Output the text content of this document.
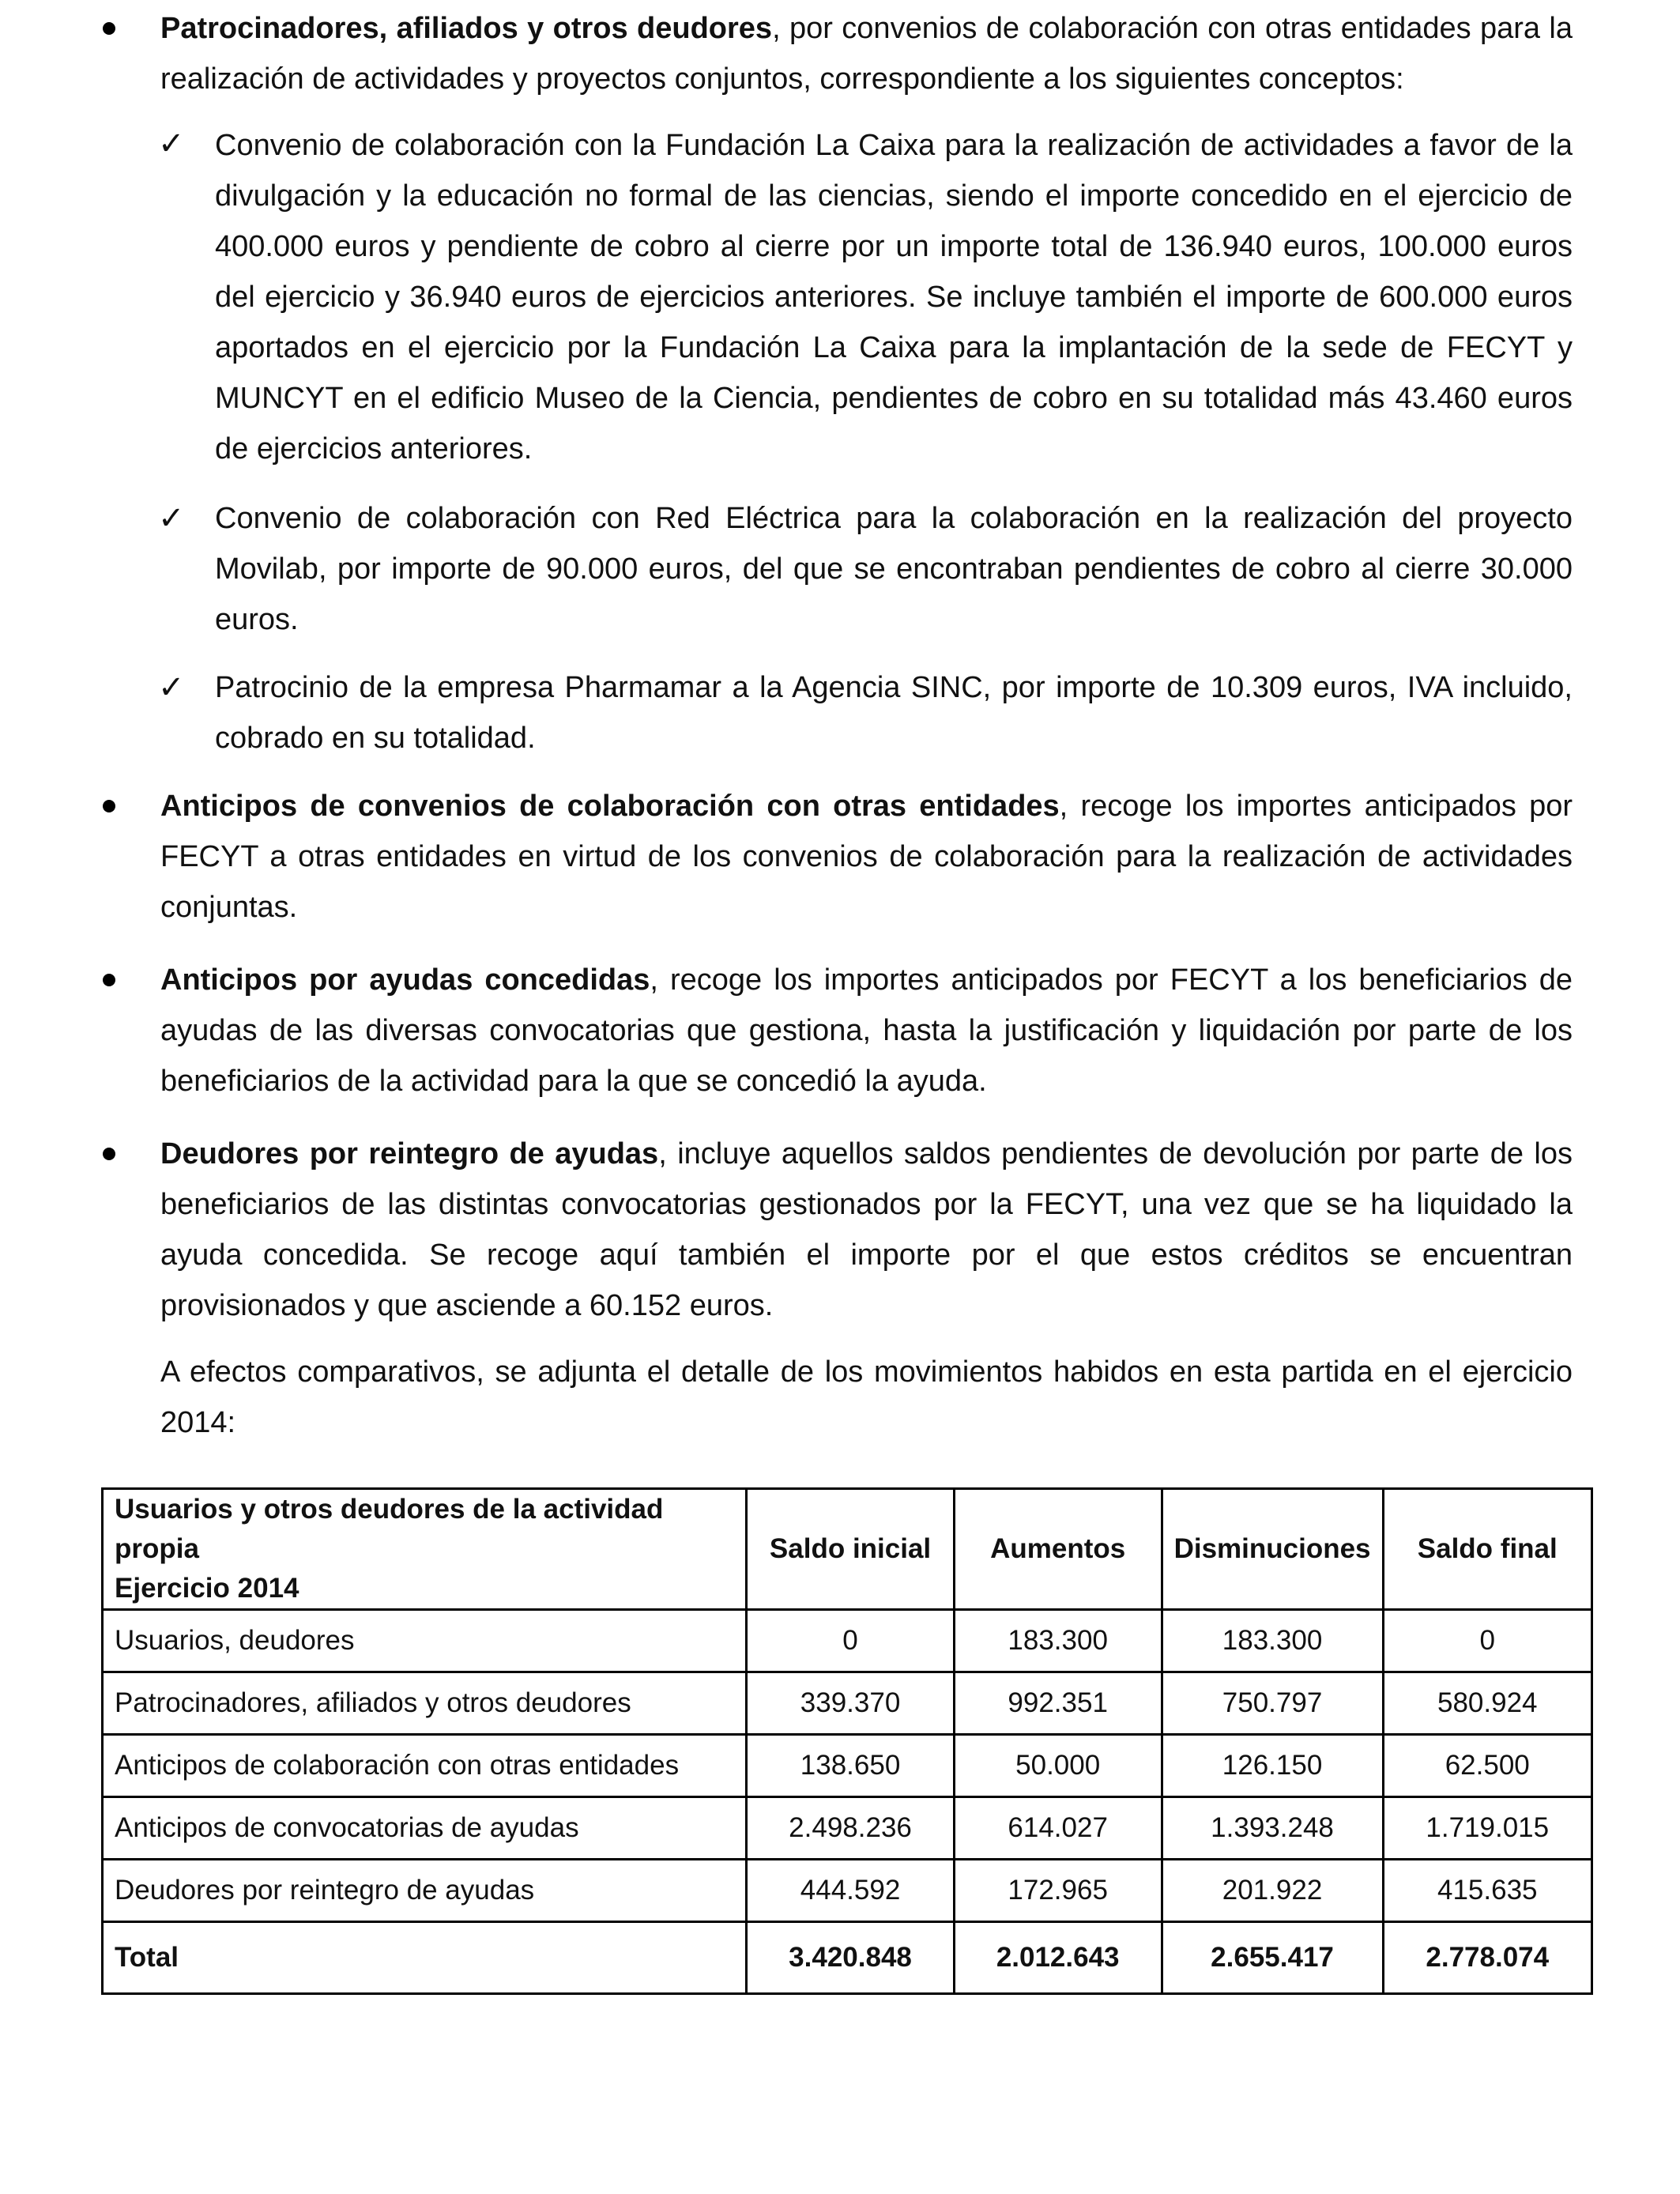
Patrocinadores, afiliados y otros deudores, por convenios de colaboración con otras entidades para la realización de actividades y proyectos conjuntos, correspondiente a los siguientes conceptos:
✓ Convenio de colaboración con la Fundación La Caixa para la realización de actividades a favor de la divulgación y la educación no formal de las ciencias, siendo el importe concedido en el ejercicio de 400.000 euros y pendiente de cobro al cierre por un importe total de 136.940 euros, 100.000 euros del ejercicio y 36.940 euros de ejercicios anteriores. Se incluye también el importe de 600.000 euros aportados en el ejercicio por la Fundación La Caixa para la implantación de la sede de FECYT y MUNCYT en el edificio Museo de la Ciencia, pendientes de cobro en su totalidad más 43.460 euros de ejercicios anteriores.
✓ Convenio de colaboración con Red Eléctrica para la colaboración en la realización del proyecto Movilab, por importe de 90.000 euros, del que se encontraban pendientes de cobro al cierre 30.000 euros.
✓ Patrocinio de la empresa Pharmamar a la Agencia SINC, por importe de 10.309 euros, IVA incluido, cobrado en su totalidad.
Anticipos de convenios de colaboración con otras entidades, recoge los importes anticipados por FECYT a otras entidades en virtud de los convenios de colaboración para la realización de actividades conjuntas.
Anticipos por ayudas concedidas, recoge los importes anticipados por FECYT a los beneficiarios de ayudas de las diversas convocatorias que gestiona, hasta la justificación y liquidación por parte de los beneficiarios de la actividad para la que se concedió la ayuda.
Deudores por reintegro de ayudas, incluye aquellos saldos pendientes de devolución por parte de los beneficiarios de las distintas convocatorias gestionados por la FECYT, una vez que se ha liquidado la ayuda concedida. Se recoge aquí también el importe por el que estos créditos se encuentran provisionados y que asciende a 60.152 euros.
A efectos comparativos, se adjunta el detalle de los movimientos habidos en esta partida en el ejercicio 2014:
Usuarios y otros deudores de la actividad propia
Ejercicio 2014	Saldo inicial	Aumentos	Disminuciones	Saldo final
Usuarios, deudores	0	183.300	183.300	0
Patrocinadores, afiliados y otros deudores	339.370	992.351	750.797	580.924
Anticipos de colaboración con otras entidades	138.650	50.000	126.150	62.500
Anticipos de convocatorias de ayudas	2.498.236	614.027	1.393.248	1.719.015
Deudores por reintegro de ayudas	444.592	172.965	201.922	415.635
Total	3.420.848	2.012.643	2.655.417	2.778.074
